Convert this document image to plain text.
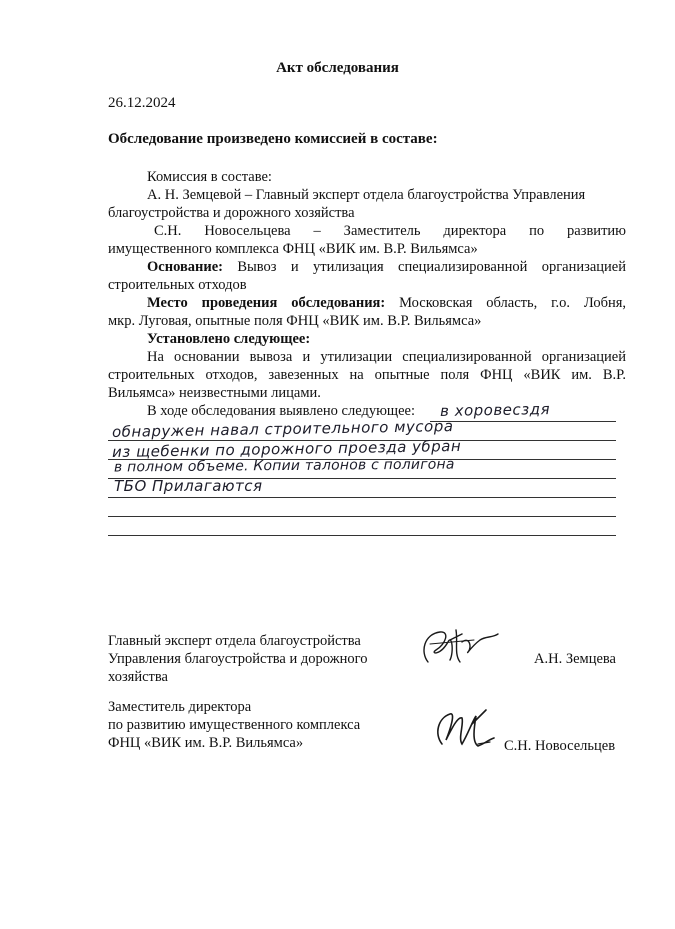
Акт обследования
26.12.2024
Обследование произведено комиссией в составе:
Комиссия в составе:
А. Н. Земцевой – Главный эксперт отдела благоустройства Управления
благоустройства и дорожного хозяйства
С.Н. Новосельцева – Заместитель директора по развитию
имущественного комплекса ФНЦ «ВИК им. В.Р. Вильямса»
Основание: Вывоз и утилизация специализированной организацией
строительных отходов
Место проведения обследования: Московская область, г.о. Лобня,
мкр. Луговая, опытные поля ФНЦ «ВИК им. В.Р. Вильямса»
Установлено следующее:
На основании вывоза и утилизации специализированной организацией
строительных отходов, завезенных на опытные поля ФНЦ «ВИК им. В.Р.
Вильямса» неизвестными лицами.
В ходе обследования выявлено следующее:	в хоровесздя
обнаружен навал строительного мусора
из щебенки по дорожного проезда убран
в полном объеме. Копии талонов с полигона
ТБО Прилагаются
Главный эксперт отдела благоустройства
Управления благоустройства и дорожного
хозяйства
А.Н. Земцева
Заместитель директора
по развитию имущественного комплекса
ФНЦ «ВИК им. В.Р. Вильямса»	С.Н. Новосельцев
